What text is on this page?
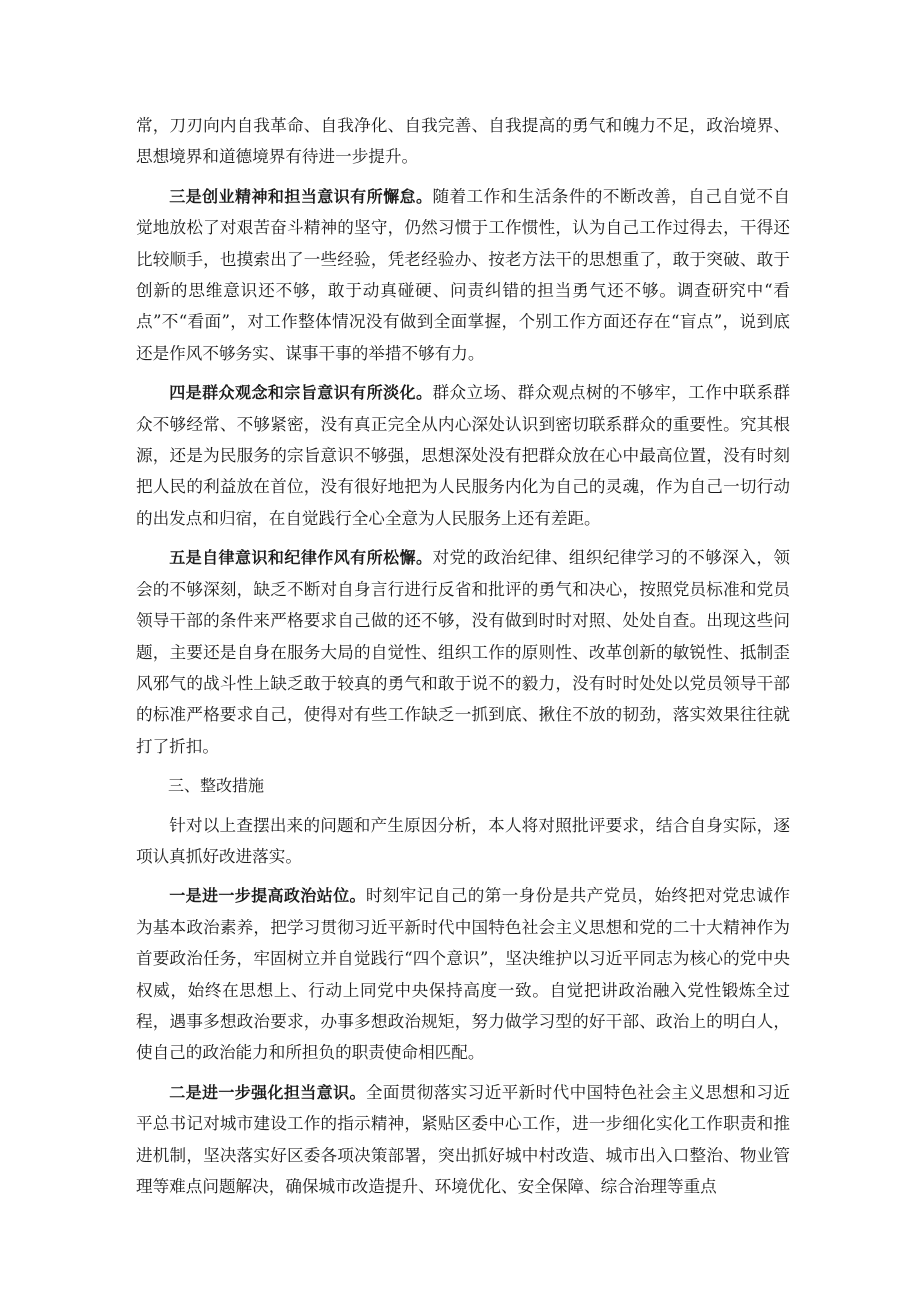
常，刀刃向内自我革命、自我净化、自我完善、自我提高的勇气和魄力不足，政治境界、思想境界和道德境界有待进一步提升。

三是创业精神和担当意识有所懈怠。随着工作和生活条件的不断改善，自己自觉不自觉地放松了对艰苦奋斗精神的坚守，仍然习惯于工作惯性，认为自己工作过得去，干得还比较顺手，也摸索出了一些经验，凭老经验办、按老方法干的思想重了，敢于突破、敢于创新的思维意识还不够，敢于动真碰硬、问责纠错的担当勇气还不够。调查研究中“看点”不“看面”，对工作整体情况没有做到全面掌握，个别工作方面还存在“盲点”，说到底还是作风不够务实、谋事干事的举措不够有力。

四是群众观念和宗旨意识有所淡化。群众立场、群众观点树的不够牢，工作中联系群众不够经常、不够紧密，没有真正完全从内心深处认识到密切联系群众的重要性。究其根源，还是为民服务的宗旨意识不够强，思想深处没有把群众放在心中最高位置，没有时刻把人民的利益放在首位，没有很好地把为人民服务内化为自己的灵魂，作为自己一切行动的出发点和归宿，在自觉践行全心全意为人民服务上还有差距。

五是自律意识和纪律作风有所松懈。对党的政治纪律、组织纪律学习的不够深入，领会的不够深刻，缺乏不断对自身言行进行反省和批评的勇气和决心，按照党员标准和党员领导干部的条件来严格要求自己做的还不够，没有做到时时对照、处处自查。出现这些问题，主要还是自身在服务大局的自觉性、组织工作的原则性、改革创新的敏锐性、抵制歪风邪气的战斗性上缺乏敢于较真的勇气和敢于说不的毅力，没有时时处处以党员领导干部的标准严格要求自己，使得对有些工作缺乏一抓到底、揪住不放的韧劲，落实效果往往就打了折扣。

三、整改措施

针对以上查摆出来的问题和产生原因分析，本人将对照批评要求，结合自身实际，逐项认真抓好改进落实。

一是进一步提高政治站位。时刻牢记自己的第一身份是共产党员，始终把对党忠诚作为基本政治素养，把学习贯彻习近平新时代中国特色社会主义思想和党的二十大精神作为首要政治任务，牢固树立并自觉践行“四个意识”，坚决维护以习近平同志为核心的党中央权威，始终在思想上、行动上同党中央保持高度一致。自觉把讲政治融入党性锻炼全过程，遇事多想政治要求，办事多想政治规矩，努力做学习型的好干部、政治上的明白人，使自己的政治能力和所担负的职责使命相匹配。

二是进一步强化担当意识。全面贯彻落实习近平新时代中国特色社会主义思想和习近平总书记对城市建设工作的指示精神，紧贴区委中心工作，进一步细化实化工作职责和推进机制，坚决落实好区委各项决策部署，突出抓好城中村改造、城市出入口整治、物业管理等难点问题解决，确保城市改造提升、环境优化、安全保障、综合治理等重点
